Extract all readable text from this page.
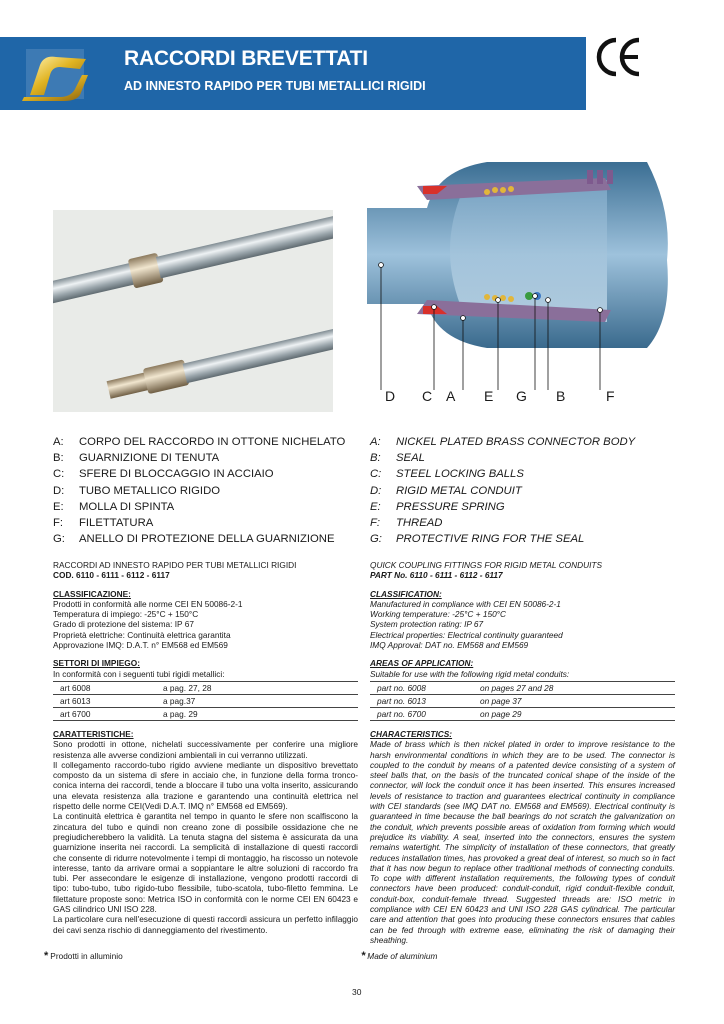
RACCORDI BREVETTATI
AD INNESTO RAPIDO PER TUBI METALLICI RIGIDI
D C A E G B	F
A:	CORPO DEL RACCORDO IN OTTONE NICHELATO
B:	GUARNIZIONE DI TENUTA
C:	SFERE DI BLOCCAGGIO IN ACCIAIO
D:	TUBO METALLICO RIGIDO
E:	MOLLA DI SPINTA
F:	FILETTATURA
G:	ANELLO DI PROTEZIONE DELLA GUARNIZIONE
A:	NICKEL PLATED BRASS CONNECTOR BODY
B:	SEAL
C:	STEEL LOCKING BALLS
D:	RIGID METAL CONDUIT
E:	PRESSURE SPRING
F:	THREAD
G:	PROTECTIVE RING FOR THE SEAL

RACCORDI AD INNESTO RAPIDO PER TUBI METALLICI RIGIDI

COD. 6110 - 6111 - 6112 - 6117

CLASSIFICAZIONE:

Prodotti in conformità alle norme CEI EN 50086-2-1

Temperatura di impiego: -25°C + 150°C

Grado di protezione del sistema: IP 67

Proprietà elettriche: Continuità elettrica garantita

Approvazione IMQ: D.A.T. n° EM568 ed EM569

SETTORI DI IMPIEGO:

In conformità con i seguenti tubi rigidi metallici:

art 6008	a pag. 27, 28
art 6013	a pag.37
art 6700	a pag. 29

CARATTERISTICHE:

Sono prodotti in ottone, nichelati successivamente per conferire una migliore resistenza alle avverse condizioni ambientali in cui verranno utilizzati.

Il collegamento raccordo-tubo rigido avviene mediante un dispositivo brevettato composto da un sistema di sfere in acciaio che, in funzione della forma tronco-conica interna dei raccordi, tende a bloccare il tubo una volta inserito, assicurando una elevata resistenza alla trazione e garantendo una continuità elettrica nel rispetto delle norme CEI(Vedi D.A.T. IMQ n° EM568 ed EM569).

La continuità elettrica è garantita nel tempo in quanto le sfere non scalfiscono la zincatura del tubo e quindi non creano zone di possibile ossidazione che ne pregiudicherebbero la validità. La tenuta stagna del sistema è assicurata da una guarnizione inserita nei raccordi. La semplicità di installazione di questi raccordi che consente di ridurre notevolmente i tempi di montaggio, ha riscosso un notevole interesse, tanto da arrivare ormai a soppiantare le altre soluzioni di raccordo fra tubi. Per assecondare le esigenze di installazione, vengono prodotti raccordi di tipo: tubo-tubo, tubo rigido-tubo flessibile, tubo-scatola, tubo-filetto femmina. Le filettature proposte sono: Metrica ISO in conformità con le norme CEI EN 60423 e GAS cilindrico UNI ISO 228.

La particolare cura nell'esecuzione di questi raccordi assicura un perfetto infilaggio dei cavi senza rischio di danneggiamento del rivestimento.

QUICK COUPLING FITTINGS FOR RIGID METAL CONDUITS

PART No. 6110 - 6111 - 6112 - 6117

CLASSIFICATION:

Manufactured in compliance with CEI EN 50086-2-1

Working temperature: -25°C + 150°C

System protection rating: IP 67

Electrical properties: Electrical continuity guaranteed

IMQ Approval: DAT no. EM568 and EM569

AREAS OF APPLICATION:

Suitable for use with the following rigid metal conduits:

part no. 6008	on pages 27 and 28
part no. 6013	on page 37
part no. 6700	on page 29

CHARACTERISTICS:

Made of brass which is then nickel plated in order to improve resistance to the harsh environmental conditions in which they are to be used. The connector is coupled to the conduit by means of a patented device consisting of a system of steel balls that, on the basis of the truncated conical shape of the inside of the connector, will lock the conduit once it has been inserted. This ensures increased levels of resistance to traction and guarantees electrical continuity in compliance with CEI standards (see IMQ DAT no. EM568 and EM569). Electrical continuity is guaranteed in time because the ball bearings do not scratch the galvanization on the conduit, which prevents possible areas of oxidation from forming which would prejudice its viability. A seal, inserted into the connectors, ensures the system remains watertight. The simplicity of installation of these connectors, that greatly reduces installation times, has provoked a great deal of interest, so much so in fact that it has now begun to replace other traditional methods of connecting conduits. To cope with different installation requirements, the following types of conduit connectors have been produced: conduit-conduit, rigid conduit-flexible conduit, conduit-box, conduit-female thread. Suggested threads are: ISO metric in compliance with CEI EN 60423 and UNI ISO 228 GAS cylindrical. The particular care and attention that goes into producing these connectors ensures that cables can be fed through with extreme ease, eliminating the risk of damaging their sheathing.

* Prodotti in alluminio	* Made of aluminium
30
